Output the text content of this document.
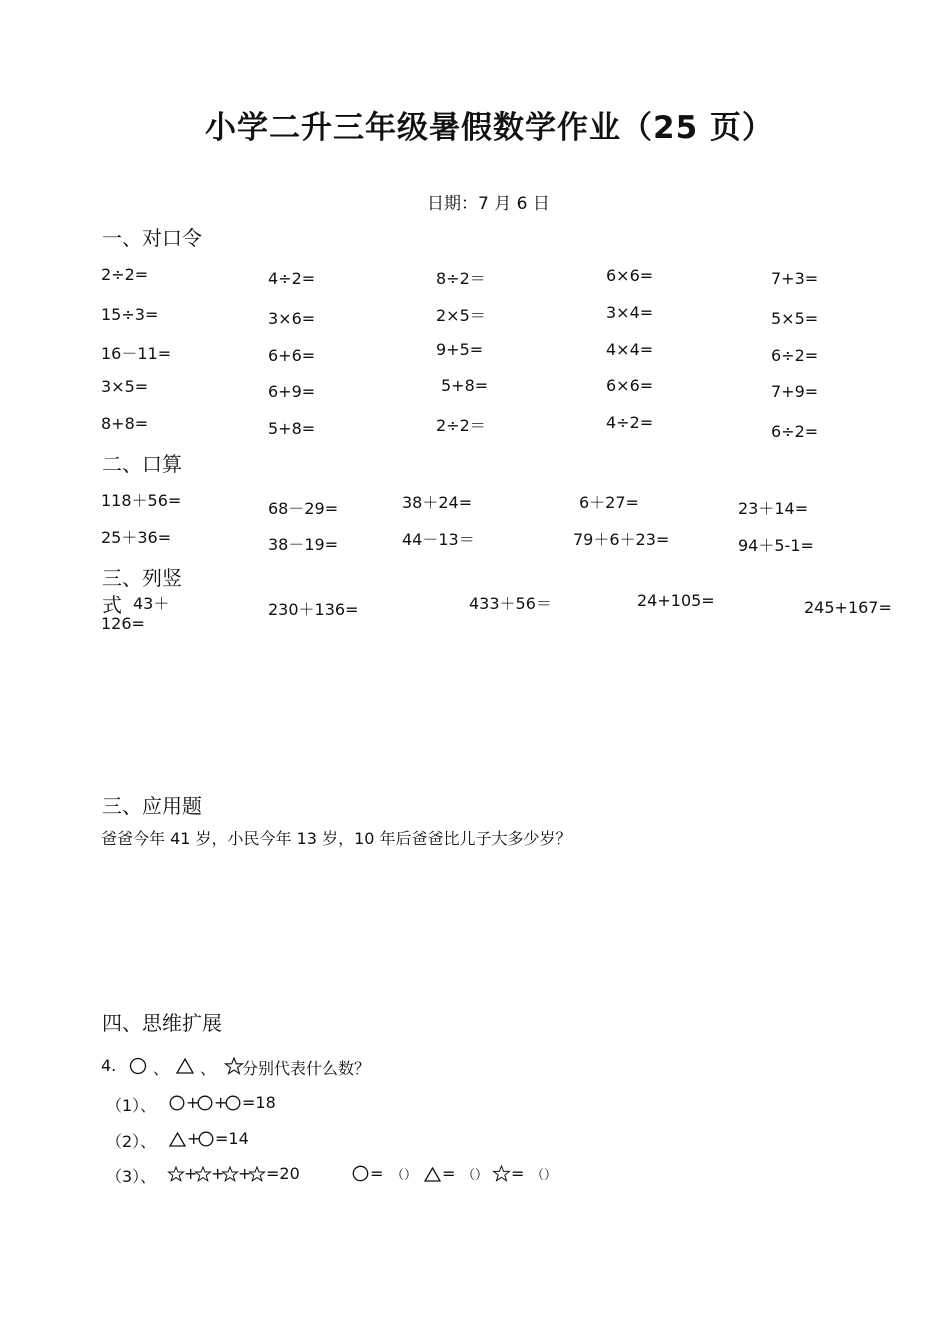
小学二升三年级暑假数学作业（25 页）
日期：7 月 6 日
一、对口令
2÷2=	4÷2=	8÷2＝	6×6=	7+3=
15÷3=	3×6=	2×5＝	3×4=	5×5=
16－11=	6+6=	9+5=	4×4=	6÷2=
3×5=	6+9=	5+8=	6×6=	7+9=
8+8=	5+8=	2÷2＝	4÷2=	6÷2=
二、口算
118＋56=	68－29=	38＋24=	6＋27=	23＋14=
25＋36=	38－19=	44－13＝	79＋6＋23=	94＋5-1=
三、列竖
式 43＋
126=
230＋136=	433＋56＝	24+105=	245+167=
三、应用题
爸爸今年 41 岁，小民今年 13 岁，10 年后爸爸比儿子大多少岁？
四、思维扩展
4. 、 、 分别代表什么数？
（1）、 + + =18
（2）、 + =14
（3）、 + + + =20	= （） = （） = （）
